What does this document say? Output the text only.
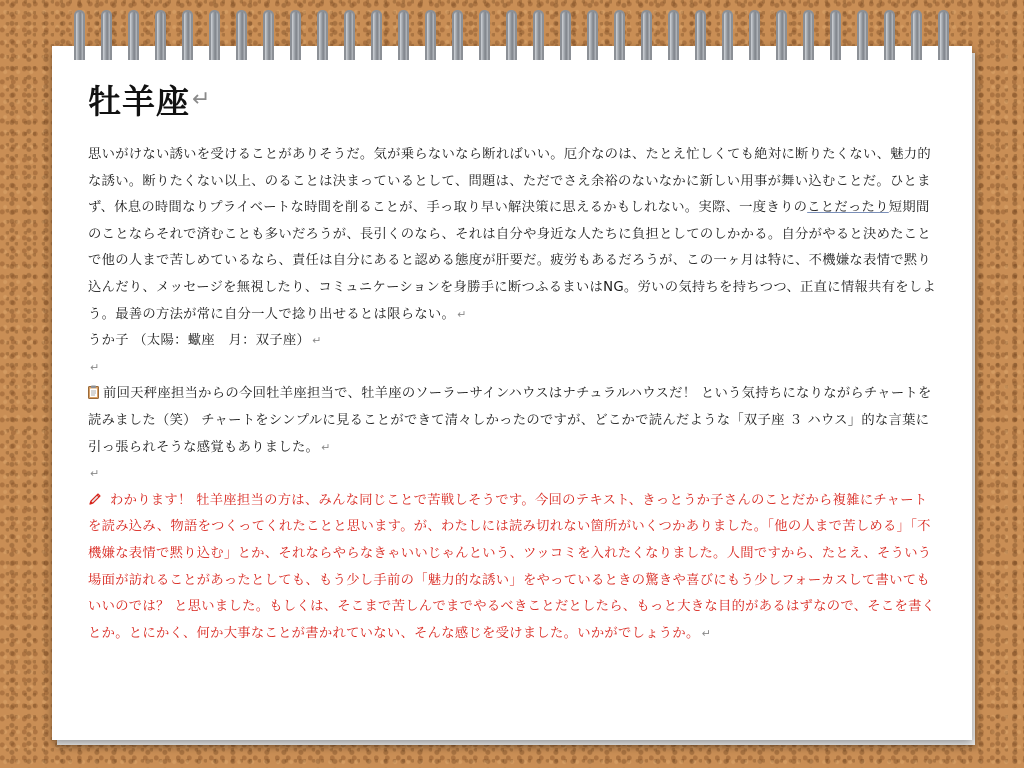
牡羊座 ↵

思いがけない誘いを受けることがありそうだ。気が乗らないなら断ればいい。厄介なのは、たとえ忙しくても絶対に断りたくない、魅力的な誘い。断りたくない以上、のることは決まっているとして、問題は、ただでさえ余裕のないなかに新しい用事が舞い込むことだ。ひとまず、休息の時間なりプライベートな時間を削ることが、手っ取り早い解決策に思えるかもしれない。実際、一度きりのことだったり短期間のことならそれで済むことも多いだろうが、長引くのなら、それは自分や身近な人たちに負担としてのしかかる。自分がやると決めたことで他の人まで苦しめているなら、責任は自分にあると認める態度が肝要だ。疲労もあるだろうが、この一ヶ月は特に、不機嫌な表情で黙り込んだり、メッセージを無視したり、コミュニケーションを身勝手に断つふるまいはNG。労いの気持ちを持ちつつ、正直に情報共有をしよう。最善の方法が常に自分一人で捻り出せるとは限らない。 ↵

うか子 （太陽：蠍座　月：双子座） ↵

↵

前回天秤座担当からの今回牡羊座担当で、牡羊座のソーラーサインハウスはナチュラルハウスだ！ という気持ちになりながらチャートを読みました（笑） チャートをシンプルに見ることができて清々しかったのですが、どこかで読んだような「双子座 ３ ハウス」的な言葉に引っ張られそうな感覚もありました。 ↵

↵

わかります！ 牡羊座担当の方は、みんな同じことで苦戦しそうです。今回のテキスト、きっとうか子さんのことだから複雑にチャートを読み込み、物語をつくってくれたことと思います。が、わたしには読み切れない箇所がいくつかありました。「他の人まで苦しめる」「不機嫌な表情で黙り込む」とか、それならやらなきゃいいじゃんという、ツッコミを入れたくなりました。人間ですから、たとえ、そういう場面が訪れることがあったとしても、もう少し手前の「魅力的な誘い」をやっているときの驚きや喜びにもう少しフォーカスして書いてもいいのでは？ と思いました。もしくは、そこまで苦しんでまでやるべきことだとしたら、もっと大きな目的があるはずなので、そこを書くとか。とにかく、何か大事なことが書かれていない、そんな感じを受けました。いかがでしょうか。 ↵
